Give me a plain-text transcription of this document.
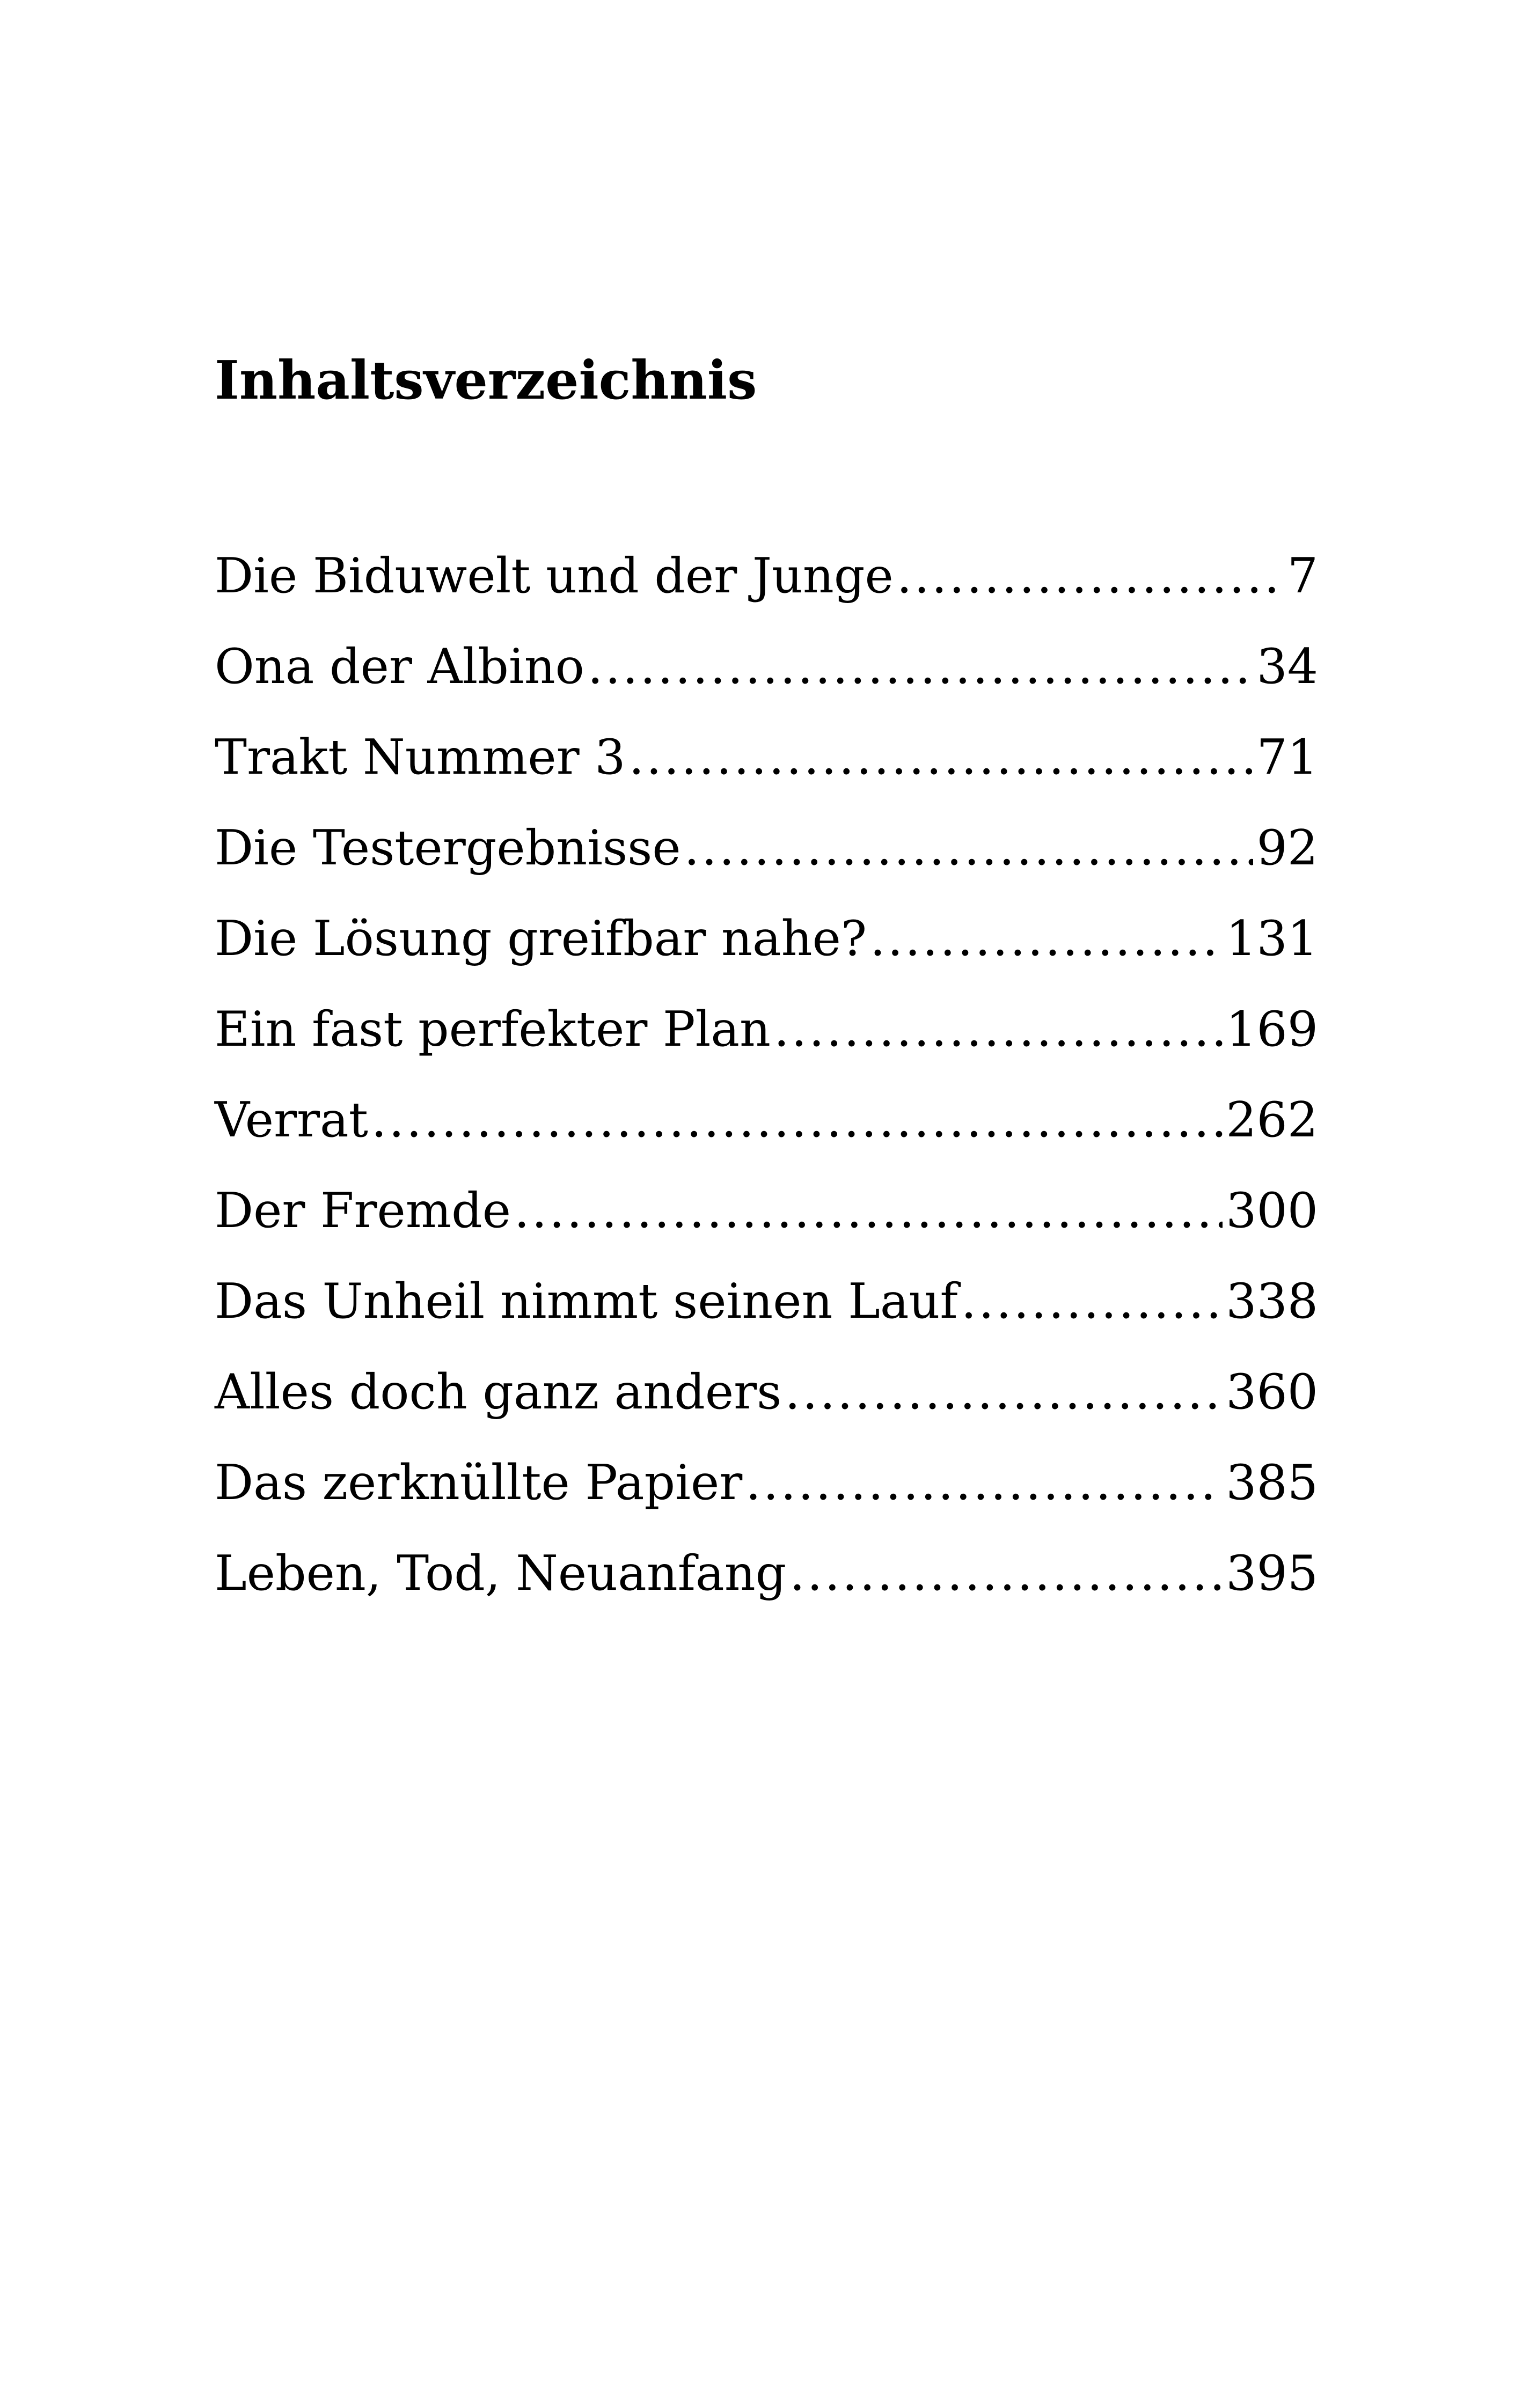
Inhaltsverzeichnis
Die Biduwelt und der Junge .....	7
Ona der Albino .....	34
Trakt Nummer 3 .....	71
Die Testergebnisse .....	92
Die Lösung greifbar nahe? .....	131
Ein fast perfekter Plan .....	169
Verrat .....	262
Der Fremde .....	300
Das Unheil nimmt seinen Lauf .....	338
Alles doch ganz anders .....	360
Das zerknüllte Papier .....	385
Leben, Tod, Neuanfang .....	395
